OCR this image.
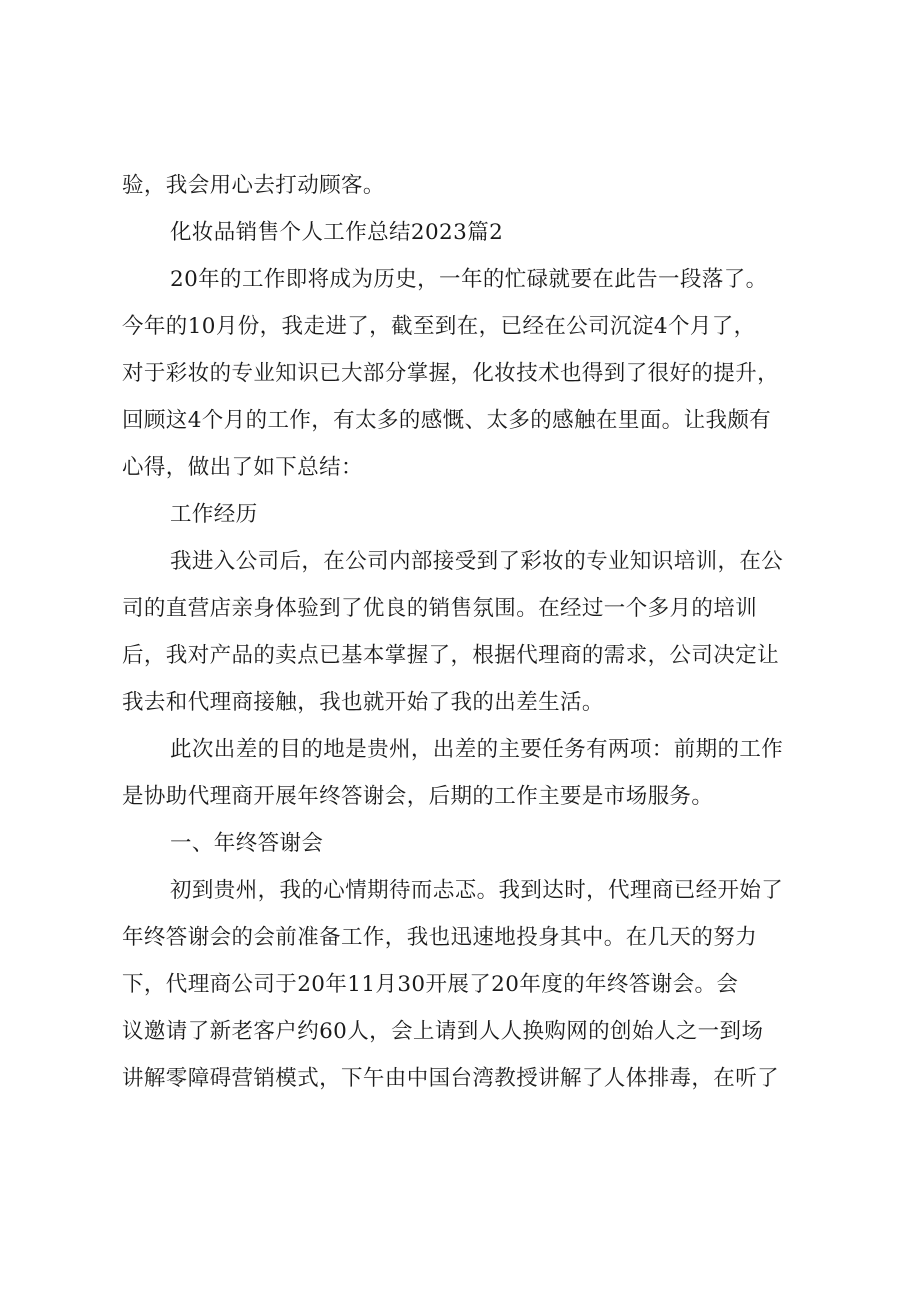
验，我会用心去打动顾客。
化妆品销售个人工作总结2023篇2
20年的工作即将成为历史，一年的忙碌就要在此告一段落了。
今年的10月份，我走进了，截至到在，已经在公司沉淀4个月了，
对于彩妆的专业知识已大部分掌握，化妆技术也得到了很好的提升，
回顾这4个月的工作，有太多的感慨、太多的感触在里面。让我颇有
心得，做出了如下总结：
工作经历
我进入公司后，在公司内部接受到了彩妆的专业知识培训，在公
司的直营店亲身体验到了优良的销售氛围。在经过一个多月的培训
后，我对产品的卖点已基本掌握了，根据代理商的需求，公司决定让
我去和代理商接触，我也就开始了我的出差生活。
此次出差的目的地是贵州，出差的主要任务有两项：前期的工作
是协助代理商开展年终答谢会，后期的工作主要是市场服务。
一、年终答谢会
初到贵州，我的心情期待而忐忑。我到达时，代理商已经开始了
年终答谢会的会前准备工作，我也迅速地投身其中。在几天的努力
下，代理商公司于20年11月30开展了20年度的年终答谢会。会
议邀请了新老客户约60人，会上请到人人换购网的创始人之一到场
讲解零障碍营销模式，下午由中国台湾教授讲解了人体排毒，在听了
